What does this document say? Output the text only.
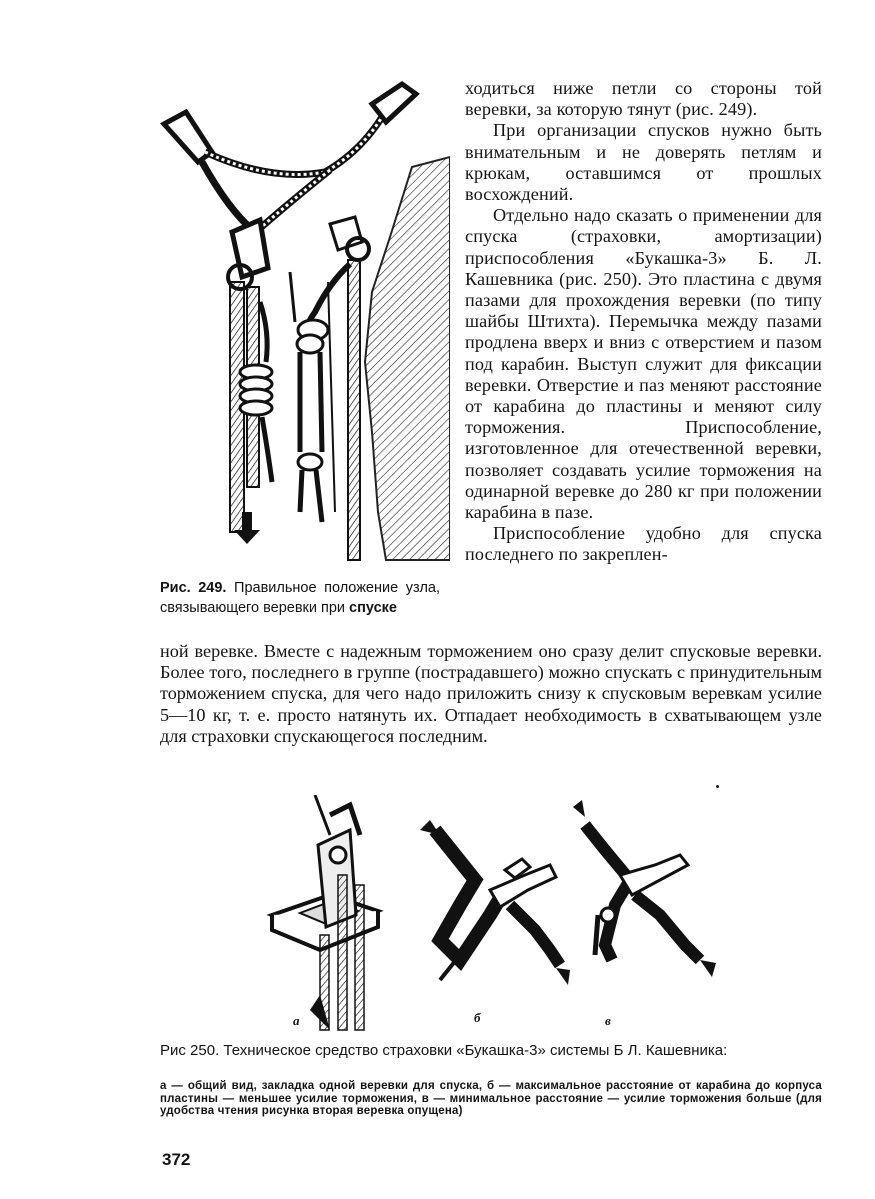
Рис. 249. Правильное положение узла, связывающего веревки при спуске

ходиться ниже петли со стороны той веревки, за которую тянут (рис. 249).

При организации спусков нужно быть внимательным и не доверять петлям и крюкам, оставшимся от прошлых восхождений.

Отдельно надо сказать о применении для спуска (страховки, амортизации) приспособления «Букашка-3» Б. Л. Кашевника (рис. 250). Это пластина с двумя пазами для прохождения веревки (по типу шайбы Штихта). Перемычка между пазами продлена вверх и вниз с отверстием и пазом под карабин. Выступ служит для фиксации веревки. Отверстие и паз меняют расстояние от карабина до пластины и меняют силу торможения. Приспособление, изготовленное для отечественной веревки, позволяет создавать усилие торможения на одинарной веревке до 280 кг при положении карабина в пазе.

Приспособление удобно для спуска последнего по закреплен-

ной веревке. Вместе с надежным торможением оно сразу делит спусковые веревки. Более того, последнего в группе (пострадавшего) можно спускать с принудительным торможением спуска, для чего надо приложить снизу к спусковым веревкам усилие 5—10 кг, т. е. просто натянуть их. Отпадает необходимость в схватывающем узле для страховки спускающегося последним.

а	б	в
Рис 250. Техническое средство страховки «Букашка-3» системы Б Л. Кашевника:
а — общий вид, закладка одной веревки для спуска, б — максимальное расстояние от карабина до корпуса пластины — меньшее усилие торможения, в — минимальное расстояние — усилие торможения больше (для удобства чтения рисунка вторая веревка опущена)
372
